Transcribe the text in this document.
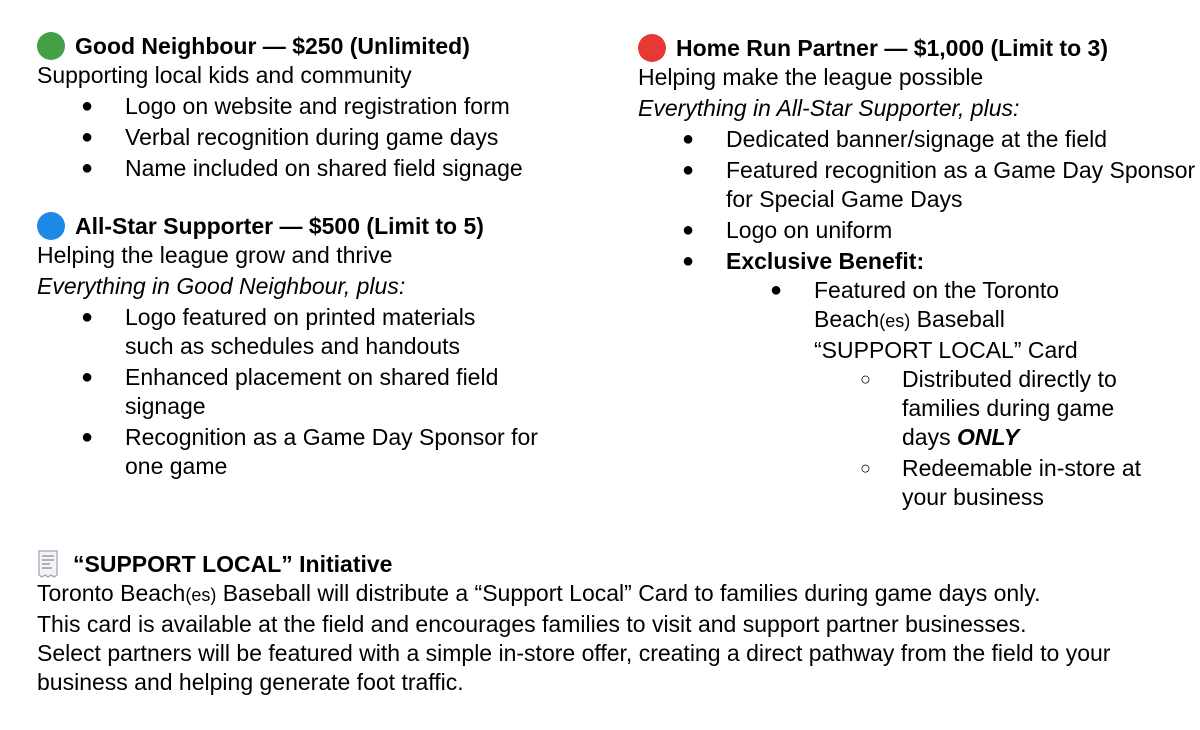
Good Neighbour — $250 (Unlimited)
Supporting local kids and community
● Logo on website and registration form
● Verbal recognition during game days
● Name included on shared field signage
All-Star Supporter — $500 (Limit to 5)
Helping the league grow and thrive
Everything in Good Neighbour, plus:
● Logo featured on printed materials such as schedules and handouts
● Enhanced placement on shared field signage
● Recognition as a Game Day Sponsor for one game
Home Run Partner — $1,000 (Limit to 3)
Helping make the league possible
Everything in All-Star Supporter, plus:
● Dedicated banner/signage at the field
● Featured recognition as a Game Day Sponsor for Special Game Days
● Logo on uniform
● Exclusive Benefit:
● Featured on the Toronto Beach(es) Baseball “SUPPORT LOCAL” Card
○ Distributed directly to families during game days ONLY
○ Redeemable in-store at your business
“SUPPORT LOCAL” Initiative

Toronto Beach(es) Baseball will distribute a “Support Local” Card to families during game days only.

This card is available at the field and encourages families to visit and support partner businesses.

Select partners will be featured with a simple in-store offer, creating a direct pathway from the field to your business and helping generate foot traffic.
